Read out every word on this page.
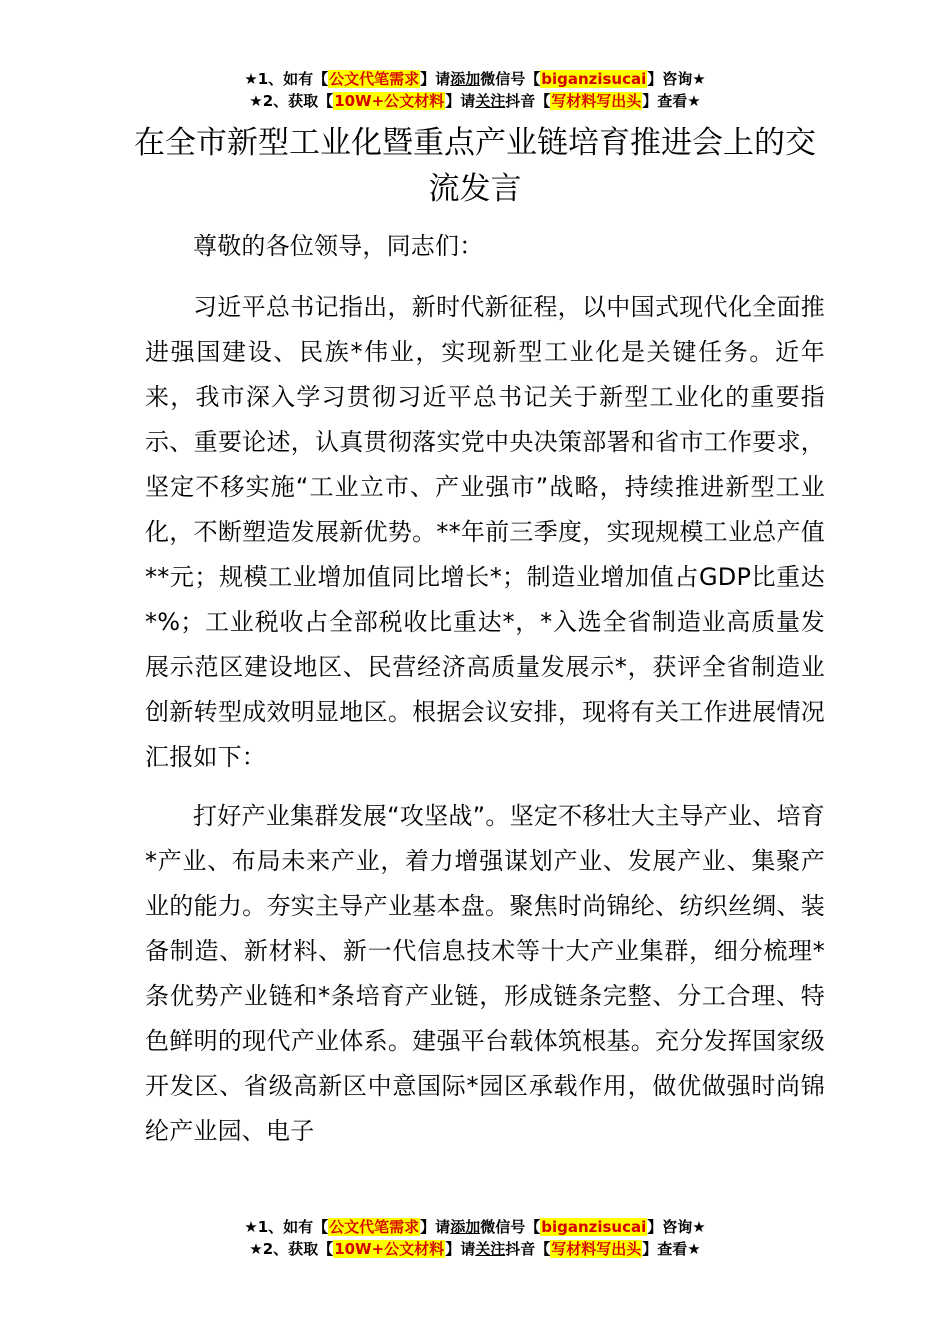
★1、如有【公文代笔需求】请添加微信号【biganzisucai】咨询★
★2、获取【10W+公文材料】请关注抖音【写材料写出头】查看★
在全市新型工业化暨重点产业链培育推进会上的交流发言

尊敬的各位领导，同志们：

习近平总书记指出，新时代新征程，以中国式现代化全面推进强国建设、民族*伟业，实现新型工业化是关键任务。近年来，我市深入学习贯彻习近平总书记关于新型工业化的重要指示、重要论述，认真贯彻落实党中央决策部署和省市工作要求，坚定不移实施“工业立市、产业强市”战略，持续推进新型工业化，不断塑造发展新优势。**年前三季度，实现规模工业总产值**元；规模工业增加值同比增长*；制造业增加值占GDP比重达*%；工业税收占全部税收比重达*，*入选全省制造业高质量发展示范区建设地区、民营经济高质量发展示*，获评全省制造业创新转型成效明显地区。根据会议安排，现将有关工作进展情况汇报如下：

打好产业集群发展“攻坚战”。坚定不移壮大主导产业、培育*产业、布局未来产业，着力增强谋划产业、发展产业、集聚产业的能力。夯实主导产业基本盘。聚焦时尚锦纶、纺织丝绸、装备制造、新材料、新一代信息技术等十大产业集群，细分梳理*条优势产业链和*条培育产业链，形成链条完整、分工合理、特色鲜明的现代产业体系。建强平台载体筑根基。充分发挥国家级开发区、省级高新区中意国际*园区承载作用，做优做强时尚锦纶产业园、电子

★1、如有【公文代笔需求】请添加微信号【biganzisucai】咨询★
★2、获取【10W+公文材料】请关注抖音【写材料写出头】查看★
